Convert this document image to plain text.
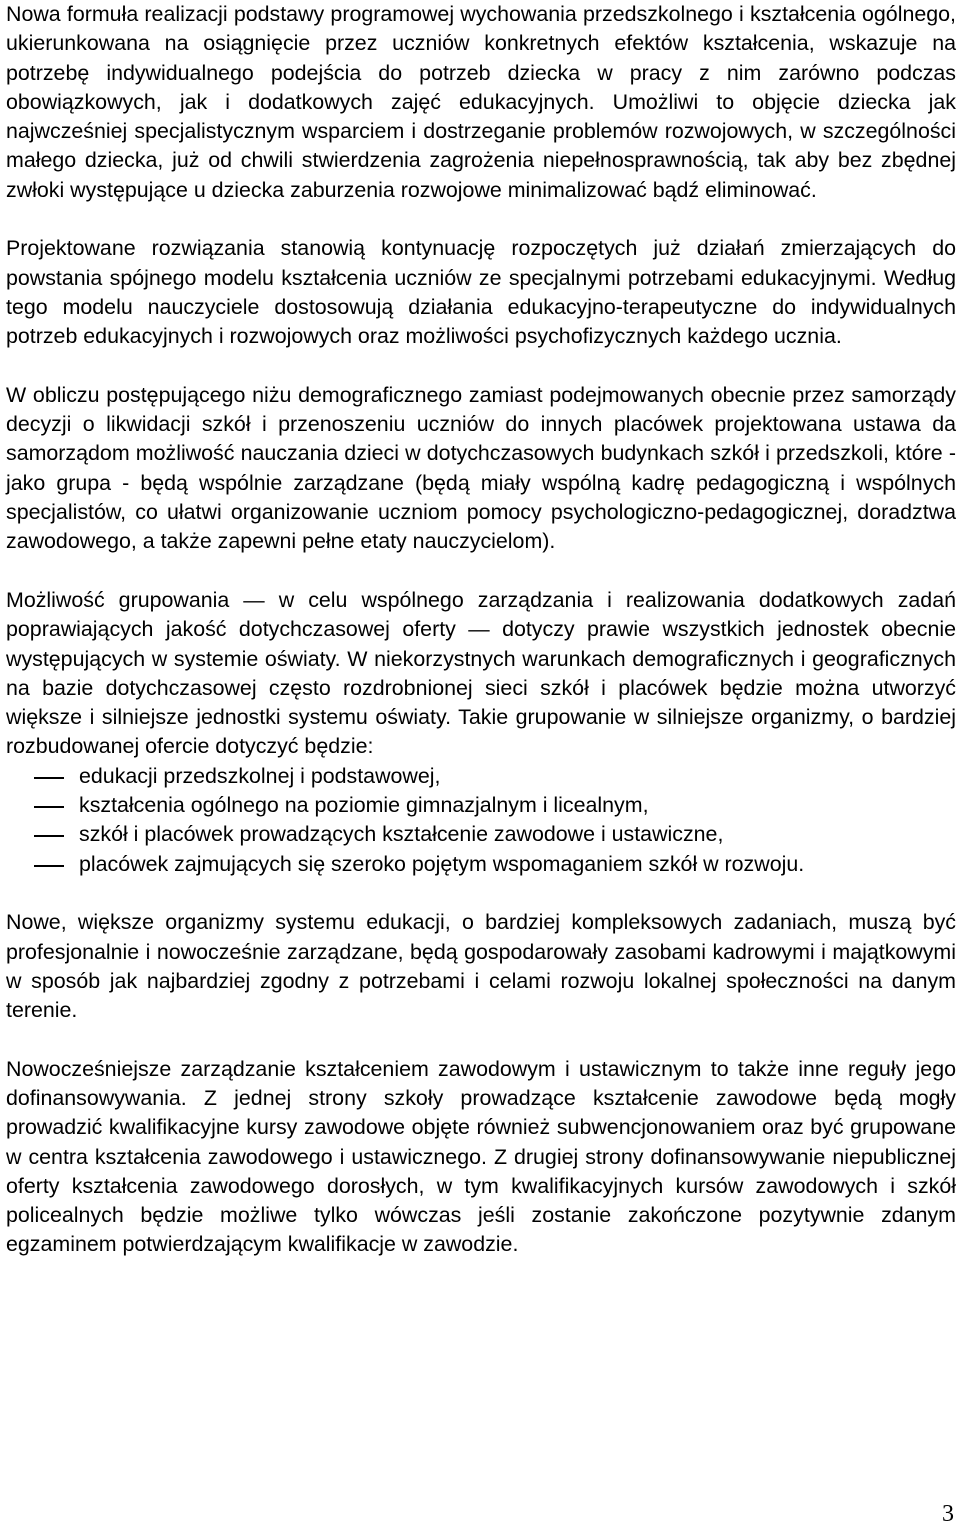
Nowa formuła realizacji podstawy programowej wychowania przedszkolnego i kształcenia ogólnego, ukierunkowana na osiągnięcie przez uczniów konkretnych efektów kształcenia, wskazuje na potrzebę indywidualnego podejścia do potrzeb dziecka w pracy z nim zarówno podczas obowiązkowych, jak i dodatkowych zajęć edukacyjnych. Umożliwi to objęcie dziecka jak najwcześniej specjalistycznym wsparciem i dostrzeganie problemów rozwojowych, w szczególności małego dziecka, już od chwili stwierdzenia zagrożenia niepełnosprawnością, tak aby bez zbędnej zwłoki występujące u dziecka zaburzenia rozwojowe minimalizować bądź eliminować.

Projektowane rozwiązania stanowią kontynuację rozpoczętych już działań zmierzających do powstania spójnego modelu kształcenia uczniów ze specjalnymi potrzebami edukacyjnymi. Według tego modelu nauczyciele dostosowują działania edukacyjno-terapeutyczne do indywidualnych potrzeb edukacyjnych i rozwojowych oraz możliwości psychofizycznych każdego ucznia.

W obliczu postępującego niżu demograficznego zamiast podejmowanych obecnie przez samorządy decyzji o likwidacji szkół i przenoszeniu uczniów do innych placówek projektowana ustawa da samorządom możliwość nauczania dzieci w dotychczasowych budynkach szkół i przedszkoli, które - jako grupa - będą wspólnie zarządzane (będą miały wspólną kadrę pedagogiczną i wspólnych specjalistów, co ułatwi organizowanie uczniom pomocy psychologiczno-pedagogicznej, doradztwa zawodowego, a także zapewni pełne etaty nauczycielom).

Możliwość grupowania — w celu wspólnego zarządzania i realizowania dodatkowych zadań poprawiających jakość dotychczasowej oferty — dotyczy prawie wszystkich jednostek obecnie występujących w systemie oświaty. W niekorzystnych warunkach demograficznych i geograficznych na bazie dotychczasowej często rozdrobnionej sieci szkół i placówek będzie można utworzyć większe i silniejsze jednostki systemu oświaty. Takie grupowanie w silniejsze organizmy, o bardziej rozbudowanej ofercie dotyczyć będzie:

edukacji przedszkolnej i podstawowej,
kształcenia ogólnego na poziomie gimnazjalnym i licealnym,
szkół i placówek prowadzących kształcenie zawodowe i ustawiczne,
placówek zajmujących się szeroko pojętym wspomaganiem szkół w rozwoju.

Nowe, większe organizmy systemu edukacji, o bardziej kompleksowych zadaniach, muszą być profesjonalnie i nowocześnie zarządzane, będą gospodarowały zasobami kadrowymi i majątkowymi w sposób jak najbardziej zgodny z potrzebami i celami rozwoju lokalnej społeczności na danym terenie.

Nowocześniejsze zarządzanie kształceniem zawodowym i ustawicznym to także inne reguły jego dofinansowywania. Z jednej strony szkoły prowadzące kształcenie zawodowe będą mogły prowadzić kwalifikacyjne kursy zawodowe objęte również subwencjonowaniem oraz być grupowane w centra kształcenia zawodowego i ustawicznego. Z drugiej strony dofinansowywanie niepublicznej oferty kształcenia zawodowego dorosłych, w tym kwalifikacyjnych kursów zawodowych i szkół policealnych będzie możliwe tylko wówczas jeśli zostanie zakończone pozytywnie zdanym egzaminem potwierdzającym kwalifikacje w zawodzie.

3
